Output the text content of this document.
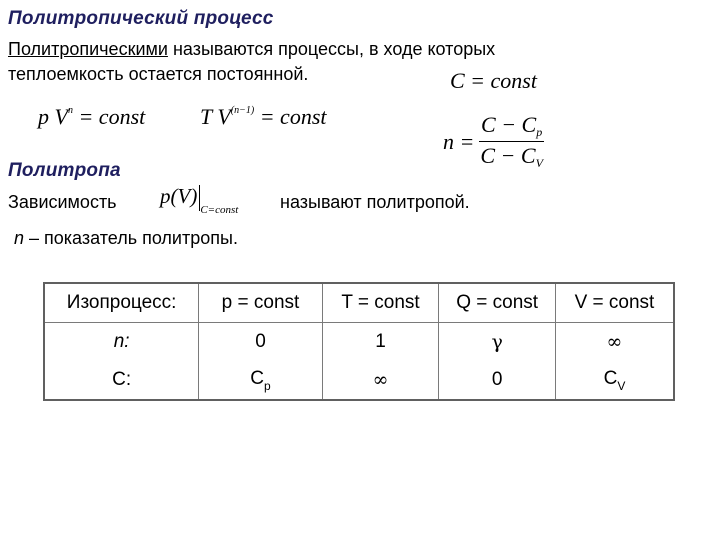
Политропический процесс
Политропическими называются процессы, в ходе которых
теплоемкость остается постоянной.	C = const
p $V^n$ = const T $V^{(n-1)}$ = const
$n = \frac{C - C_p}{C - C_V}$
Политропа
Зависимость $p(V)_{C=const}$ называют политропой.
n – показатель политропы.
Изопроцесс:	p = const	T = const	Q = const	V = const
n:	0	1	γ	∞
C:	$C_p$	∞	0	$C_V$
